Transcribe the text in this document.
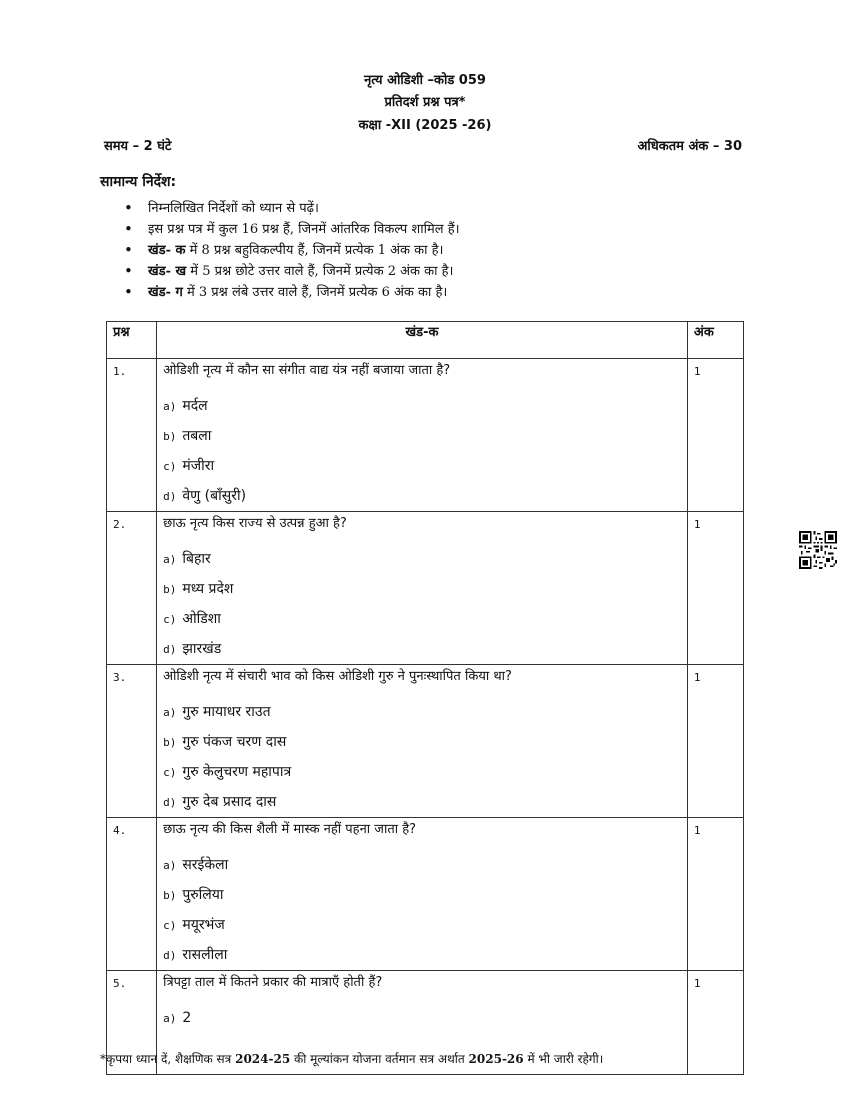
नृत्य ओडिशी –कोड 059
प्रतिदर्श प्रश्न पत्र*
कक्षा -XII (2025 -26)
समय – 2 घंटे	अधिकतम अंक – 30
सामान्य निर्देश:
• निम्नलिखित निर्देशों को ध्यान से पढ़ें।
• इस प्रश्न पत्र में कुल 16 प्रश्न हैं, जिनमें आंतरिक विकल्प शामिल हैं।
• खंड- क में 8 प्रश्न बहुविकल्पीय हैं, जिनमें प्रत्येक 1 अंक का है।
• खंड- ख में 5 प्रश्न छोटे उत्तर वाले हैं, जिनमें प्रत्येक 2 अंक का है।
• खंड- ग में 3 प्रश्न लंबे उत्तर वाले हैं, जिनमें प्रत्येक 6 अंक का है।
प्रश्न	खंड-क	अंक
1.	ओडिशी नृत्य में कौन सा संगीत वाद्य यंत्र नहीं बजाया जाता है?
a) मर्दल
b) तबला
c) मंजीरा
d) वेणु (बाँसुरी)	1
2.	छाऊ नृत्य किस राज्य से उत्पन्न हुआ है?
a) बिहार
b) मध्य प्रदेश
c) ओडिशा
d) झारखंड	1
3.	ओडिशी नृत्य में संचारी भाव को किस ओडिशी गुरु ने पुनःस्थापित किया था?
a) गुरु मायाधर राउत
b) गुरु पंकज चरण दास
c) गुरु केलुचरण महापात्र
d) गुरु देब प्रसाद दास	1
4.	छाऊ नृत्य की किस शैली में मास्क नहीं पहना जाता है?
a) सरईकेला
b) पुरुलिया
c) मयूरभंज
d) रासलीला	1
5.	त्रिपट्टा ताल में कितने प्रकार की मात्राएँ होती हैं?
a) 2	1
*कृपया ध्यान दें, शैक्षणिक सत्र 2024-25 की मूल्यांकन योजना वर्तमान सत्र अर्थात 2025-26 में भी जारी रहेगी।
